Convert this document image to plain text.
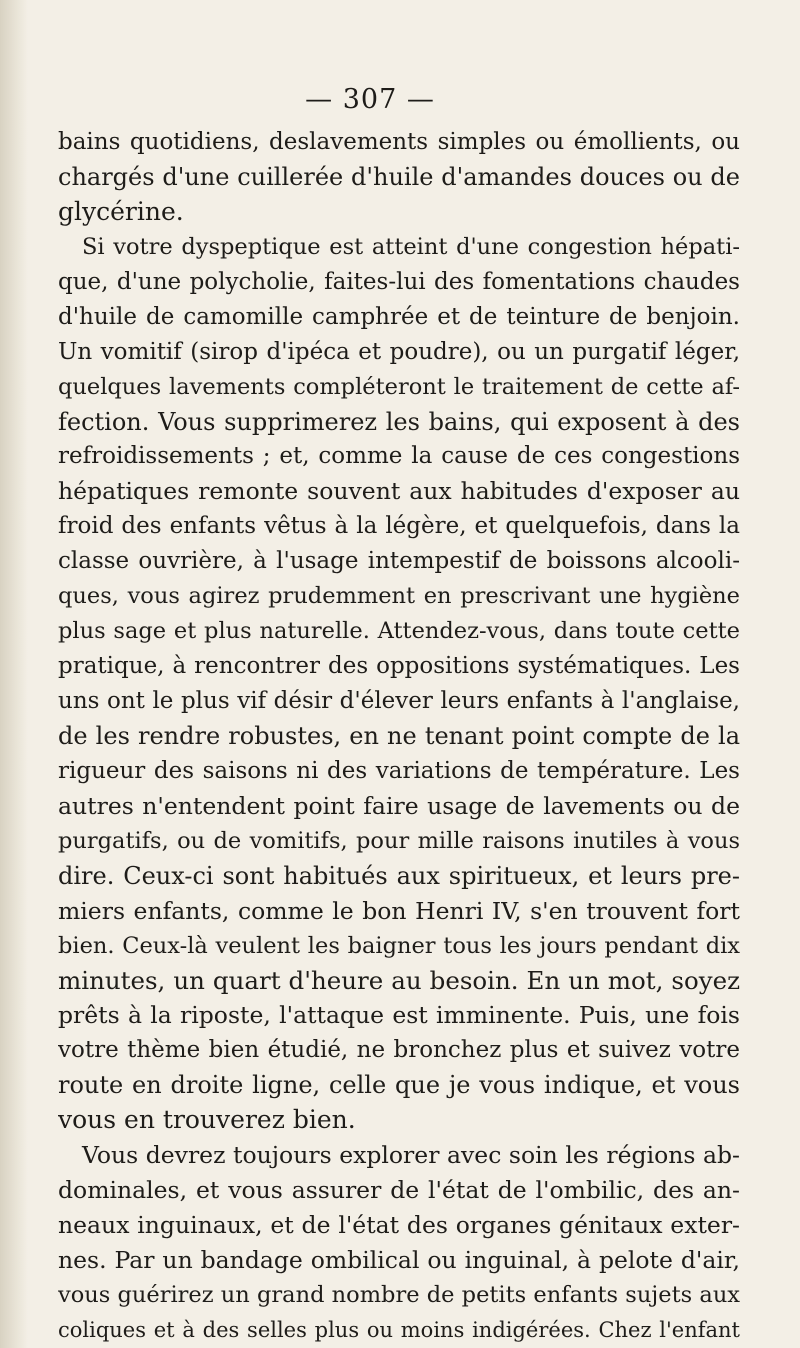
— 307 —
bains quotidiens, deslavements simples ou émollients, ou
chargés d'une cuillerée d'huile d'amandes douces ou de
glycérine.
Si votre dyspeptique est atteint d'une congestion hépati-
que, d'une polycholie, faites-lui des fomentations chaudes
d'huile de camomille camphrée et de teinture de benjoin.
Un vomitif (sirop d'ipéca et poudre), ou un purgatif léger,
quelques lavements compléteront le traitement de cette af-
fection. Vous supprimerez les bains, qui exposent à des
refroidissements ; et, comme la cause de ces congestions
hépatiques remonte souvent aux habitudes d'exposer au
froid des enfants vêtus à la légère, et quelquefois, dans la
classe ouvrière, à l'usage intempestif de boissons alcooli-
ques, vous agirez prudemment en prescrivant une hygiène
plus sage et plus naturelle. Attendez-vous, dans toute cette
pratique, à rencontrer des oppositions systématiques. Les
uns ont le plus vif désir d'élever leurs enfants à l'anglaise,
de les rendre robustes, en ne tenant point compte de la
rigueur des saisons ni des variations de température. Les
autres n'entendent point faire usage de lavements ou de
purgatifs, ou de vomitifs, pour mille raisons inutiles à vous
dire. Ceux-ci sont habitués aux spiritueux, et leurs pre-
miers enfants, comme le bon Henri IV, s'en trouvent fort
bien. Ceux-là veulent les baigner tous les jours pendant dix
minutes, un quart d'heure au besoin. En un mot, soyez
prêts à la riposte, l'attaque est imminente. Puis, une fois
votre thème bien étudié, ne bronchez plus et suivez votre
route en droite ligne, celle que je vous indique, et vous
vous en trouverez bien.
Vous devrez toujours explorer avec soin les régions ab-
dominales, et vous assurer de l'état de l'ombilic, des an-
neaux inguinaux, et de l'état des organes génitaux exter-
nes. Par un bandage ombilical ou inguinal, à pelote d'air,
vous guérirez un grand nombre de petits enfants sujets aux
coliques et à des selles plus ou moins indigérées. Chez l'enfant
